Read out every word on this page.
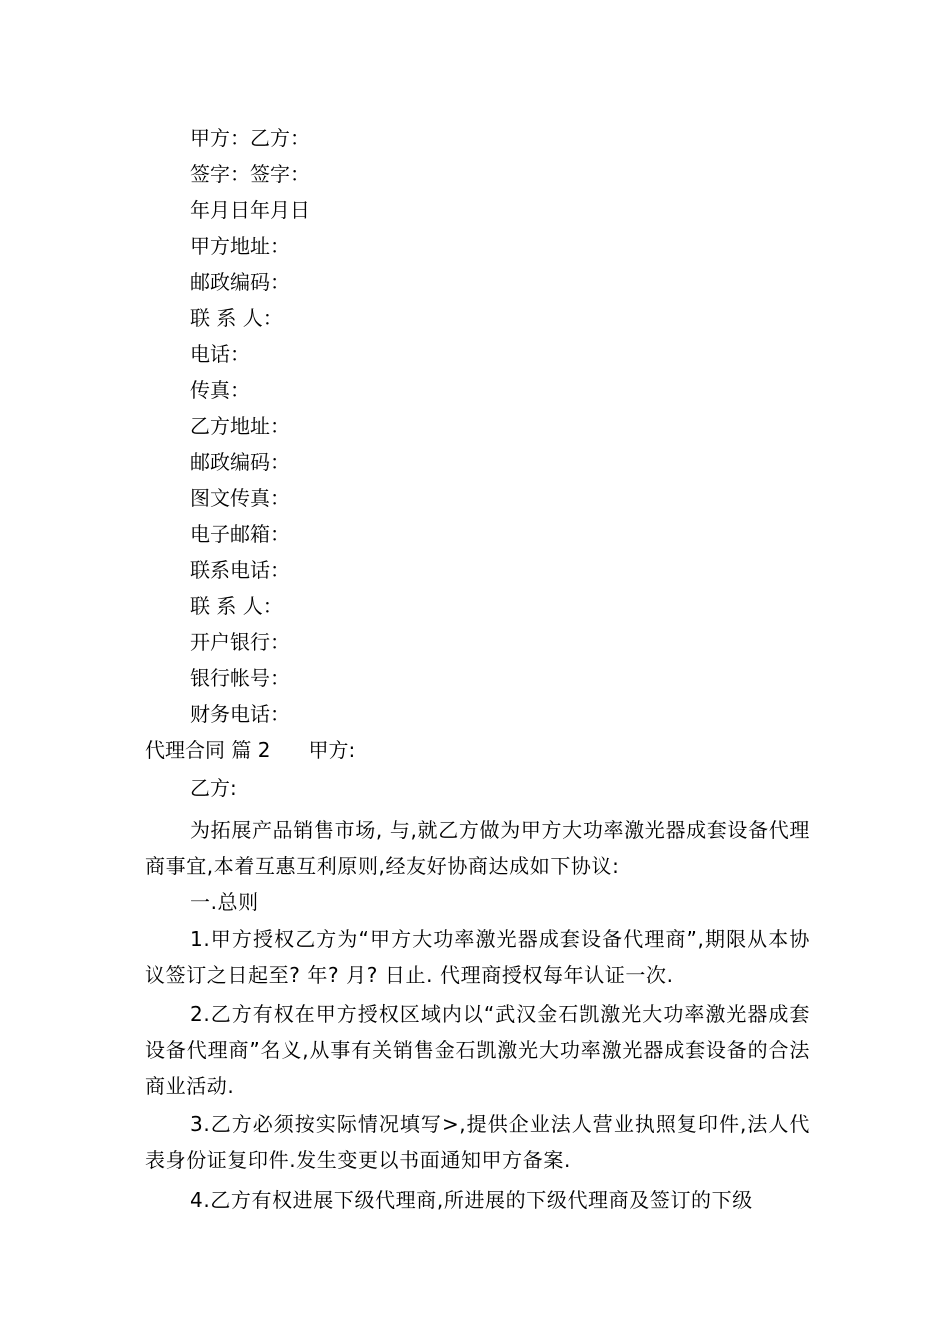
甲方：乙方：
签字：签字：
年月日年月日
甲方地址：
邮政编码：
联 系 人：
电话：
传真：
乙方地址：
邮政编码：
图文传真：
电子邮箱：
联系电话：
联 系 人：
开户银行：
银行帐号：
财务电话：
代理合同 篇 2 甲方:
乙方:
为拓展产品销售市场, 与,就乙方做为甲方大功率激光器成套设备代理商事宜,本着互惠互利原则,经友好协商达成如下协议:
一.总则
1.甲方授权乙方为“甲方大功率激光器成套设备代理商”,期限从本协议签订之日起至? 年? 月? 日止. 代理商授权每年认证一次.
2.乙方有权在甲方授权区域内以“武汉金石凯激光大功率激光器成套设备代理商”名义,从事有关销售金石凯激光大功率激光器成套设备的合法商业活动.
3.乙方必须按实际情况填写>,提供企业法人营业执照复印件,法人代表身份证复印件.发生变更以书面通知甲方备案.
4.乙方有权进展下级代理商,所进展的下级代理商及签订的下级
